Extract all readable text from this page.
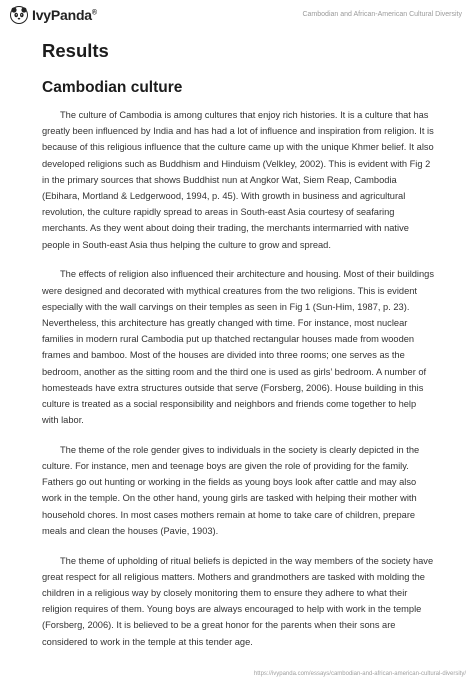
IvyPanda®	Cambodian and African-American Cultural Diversity
Results
Cambodian culture

The culture of Cambodia is among cultures that enjoy rich histories. It is a culture that has greatly been influenced by India and has had a lot of influence and inspiration from religion. It is because of this religious influence that the culture came up with the unique Khmer belief. It also developed religions such as Buddhism and Hinduism (Velkley, 2002). This is evident with Fig 2 in the primary sources that shows Buddhist nun at Angkor Wat, Siem Reap, Cambodia (Ebihara, Mortland & Ledgerwood, 1994, p. 45). With growth in business and agricultural revolution, the culture rapidly spread to areas in South-east Asia courtesy of seafaring merchants. As they went about doing their trading, the merchants intermarried with native people in South-east Asia thus helping the culture to grow and spread.

The effects of religion also influenced their architecture and housing. Most of their buildings were designed and decorated with mythical creatures from the two religions. This is evident especially with the wall carvings on their temples as seen in Fig 1 (Sun-Him, 1987, p. 23). Nevertheless, this architecture has greatly changed with time. For instance, most nuclear families in modern rural Cambodia put up thatched rectangular houses made from wooden frames and bamboo. Most of the houses are divided into three rooms; one serves as the bedroom, another as the sitting room and the third one is used as girls’ bedroom. A number of homesteads have extra structures outside that serve (Forsberg, 2006). House building in this culture is treated as a social responsibility and neighbors and friends come together to help with labor.

The theme of the role gender gives to individuals in the society is clearly depicted in the culture. For instance, men and teenage boys are given the role of providing for the family. Fathers go out hunting or working in the fields as young boys look after cattle and may also work in the temple. On the other hand, young girls are tasked with helping their mother with household chores. In most cases mothers remain at home to take care of children, prepare meals and clean the houses (Pavie, 1903).

The theme of upholding of ritual beliefs is depicted in the way members of the society have great respect for all religious matters. Mothers and grandmothers are tasked with molding the children in a religious way by closely monitoring them to ensure they adhere to what their religion requires of them. Young boys are always encouraged to help with work in the temple (Forsberg, 2006). It is believed to be a great honor for the parents when their sons are considered to work in the temple at this tender age.

https://ivypanda.com/essays/cambodian-and-african-american-cultural-diversity/
